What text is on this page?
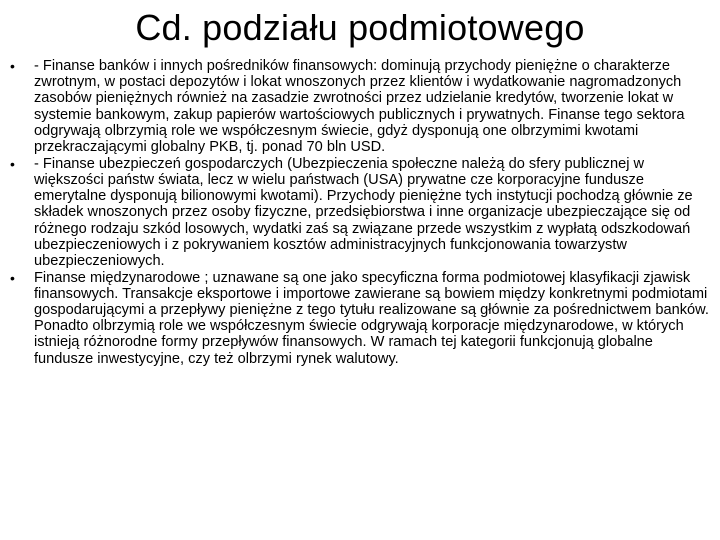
Cd. podziału podmiotowego
• - Finanse banków i innych pośredników finansowych: dominują przychody pieniężne o charakterze zwrotnym, w postaci depozytów i lokat wnoszonych przez klientów i wydatkowanie nagromadzonych zasobów pieniężnych również na zasadzie zwrotności przez udzielanie kredytów, tworzenie lokat w systemie bankowym, zakup papierów wartościowych publicznych i prywatnych. Finanse tego sektora odgrywają olbrzymią role we współczesnym świecie, gdyż dysponują one olbrzymimi kwotami przekraczającymi globalny PKB, tj. ponad 70 bln USD.
• - Finanse ubezpieczeń gospodarczych (Ubezpieczenia społeczne należą do sfery publicznej w większości państw świata, lecz w wielu państwach (USA) prywatne cze korporacyjne fundusze emerytalne dysponują bilionowymi kwotami). Przychody pieniężne tych instytucji pochodzą głównie ze składek wnoszonych przez osoby fizyczne, przedsiębiorstwa i inne organizacje ubezpieczające się od różnego rodzaju szkód losowych, wydatki zaś są związane przede wszystkim z wypłatą odszkodowań ubezpieczeniowych i z pokrywaniem kosztów administracyjnych funkcjonowania towarzystw ubezpieczeniowych.
• Finanse międzynarodowe ; uznawane są one jako specyficzna forma podmiotowej klasyfikacji zjawisk finansowych. Transakcje eksportowe i importowe zawierane są bowiem między konkretnymi podmiotami gospodarującymi a przepływy pieniężne z tego tytułu realizowane są głównie za pośrednictwem banków. Ponadto olbrzymią role we współczesnym świecie odgrywają korporacje międzynarodowe, w których istnieją różnorodne formy przepływów finansowych. W ramach tej kategorii funkcjonują globalne fundusze inwestycyjne, czy też olbrzymi rynek walutowy.
